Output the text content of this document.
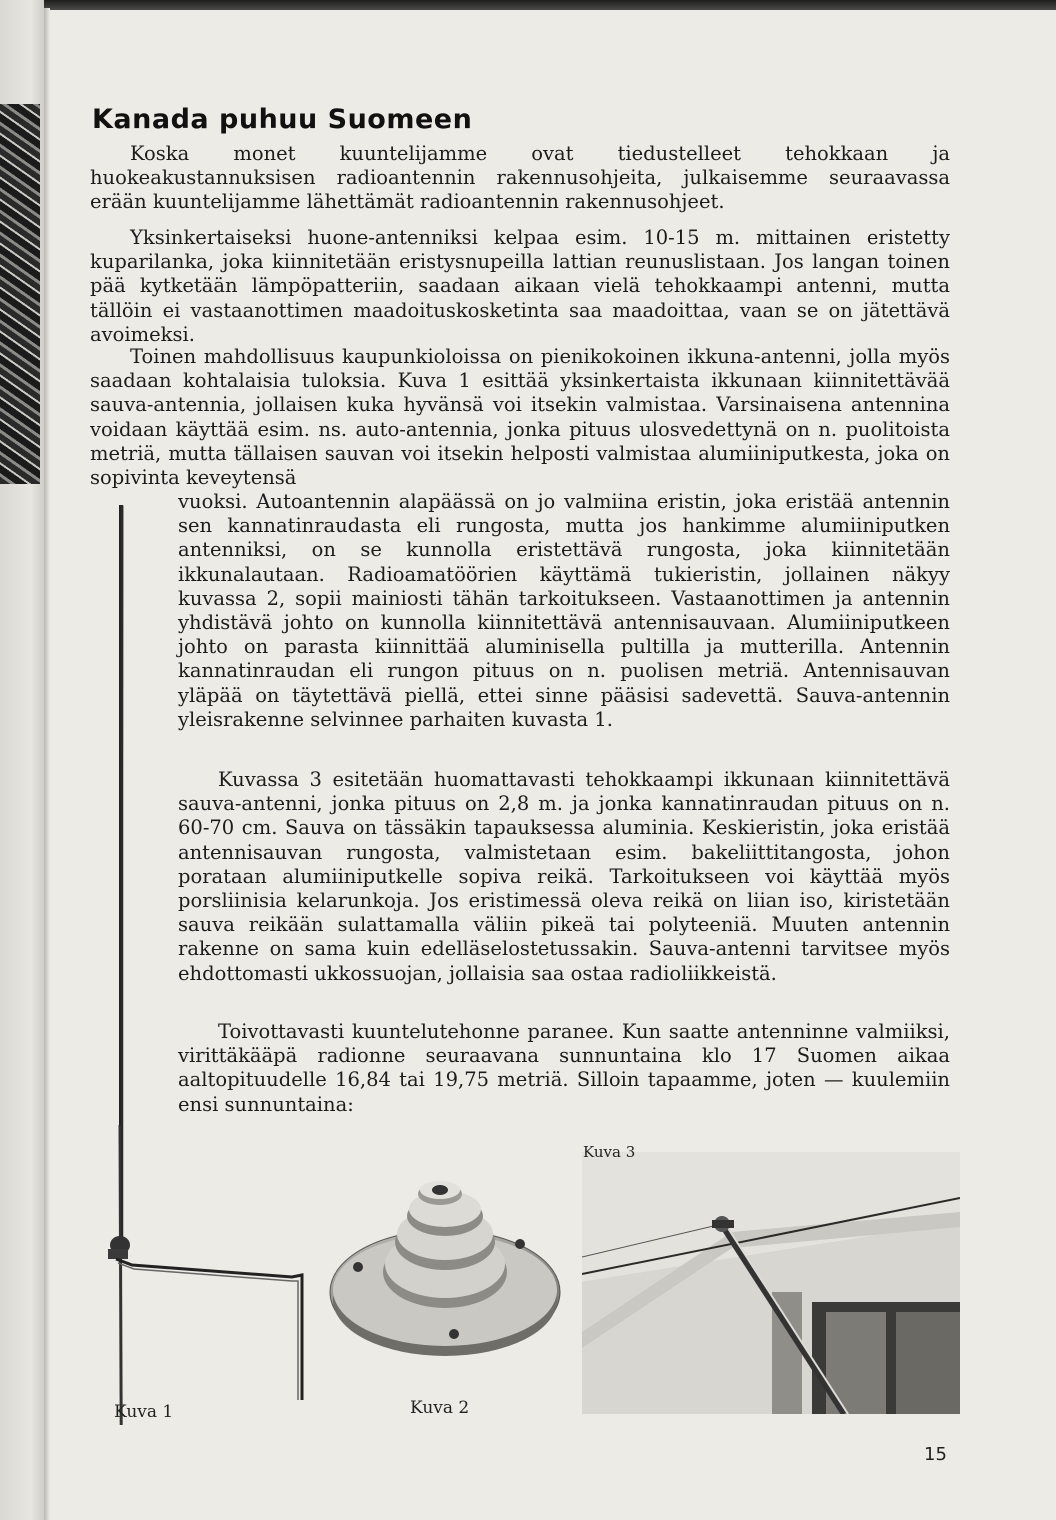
Kanada puhuu Suomeen

Koska monet kuuntelijamme ovat tiedustelleet tehokkaan ja huokeakustannuksisen radioantennin rakennusohjeita, julkaisemme seuraavassa erään kuuntelijamme lähettämät radioantennin rakennusohjeet.

Yksinkertaiseksi huone-antenniksi kelpaa esim. 10-15 m. mittainen eristetty kuparilanka, joka kiinnitetään eristysnupeilla lattian reunuslistaan. Jos langan toinen pää kytketään lämpöpatteriin, saadaan aikaan vielä tehokkaampi antenni, mutta tällöin ei vastaanottimen maadoituskosketinta saa maadoittaa, vaan se on jätettävä avoimeksi.

Toinen mahdollisuus kaupunkioloissa on pienikokoinen ikkuna-antenni, jolla myös saadaan kohtalaisia tuloksia. Kuva 1 esittää yksinkertaista ikkunaan kiinnitettävää sauva-antennia, jollaisen kuka hyvänsä voi itsekin valmistaa. Varsinaisena antennina voidaan käyttää esim. ns. auto-antennia, jonka pituus ulosvedettynä on n. puolitoista metriä, mutta tällaisen sauvan voi itsekin helposti valmistaa alumiiniputkesta, joka on sopivinta keveytensä

vuoksi. Autoantennin alapäässä on jo valmiina eristin, joka eristää antennin sen kannatinraudasta eli rungosta, mutta jos hankimme alumiiniputken antenniksi, on se kunnolla eristettävä rungosta, joka kiinnitetään ikkunalautaan. Radioamatöörien käyttämä tukieristin, jollainen näkyy kuvassa 2, sopii mainiosti tähän tarkoitukseen. Vastaanottimen ja antennin yhdistävä johto on kunnolla kiinnitettävä antennisauvaan. Alumiiniputkeen johto on parasta kiinnittää aluminisella pultilla ja mutterilla. Antennin kannatinraudan eli rungon pituus on n. puolisen metriä. Antennisauvan yläpää on täytettävä piellä, ettei sinne pääsisi sadevettä. Sauva-antennin yleisrakenne selvinnee parhaiten kuvasta 1.

Kuvassa 3 esitetään huomattavasti tehokkaampi ikkunaan kiinnitettävä sauva-antenni, jonka pituus on 2,8 m. ja jonka kannatinraudan pituus on n. 60-70 cm. Sauva on tässäkin tapauksessa aluminia. Keskieristin, joka eristää antennisauvan rungosta, valmistetaan esim. bakeliittitangosta, johon porataan alumiiniputkelle sopiva reikä. Tarkoitukseen voi käyttää myös porsliinisia kelarunkoja. Jos eristimessä oleva reikä on liian iso, kiristetään sauva reikään sulattamalla väliin pikeä tai polyteeniä. Muuten antennin rakenne on sama kuin edelläselostetussakin. Sauva-antenni tarvitsee myös ehdottomasti ukkossuojan, jollaisia saa ostaa radioliikkeistä.

Toivottavasti kuuntelutehonne paranee. Kun saatte antenninne valmiiksi, virittäkääpä radionne seuraavana sunnuntaina klo 17 Suomen aikaa aaltopituudelle 16,84 tai 19,75 metriä. Silloin tapaamme, joten — kuulemiin ensi sunnuntaina:

Kuva 1	Kuva 2
Kuva 3
15
